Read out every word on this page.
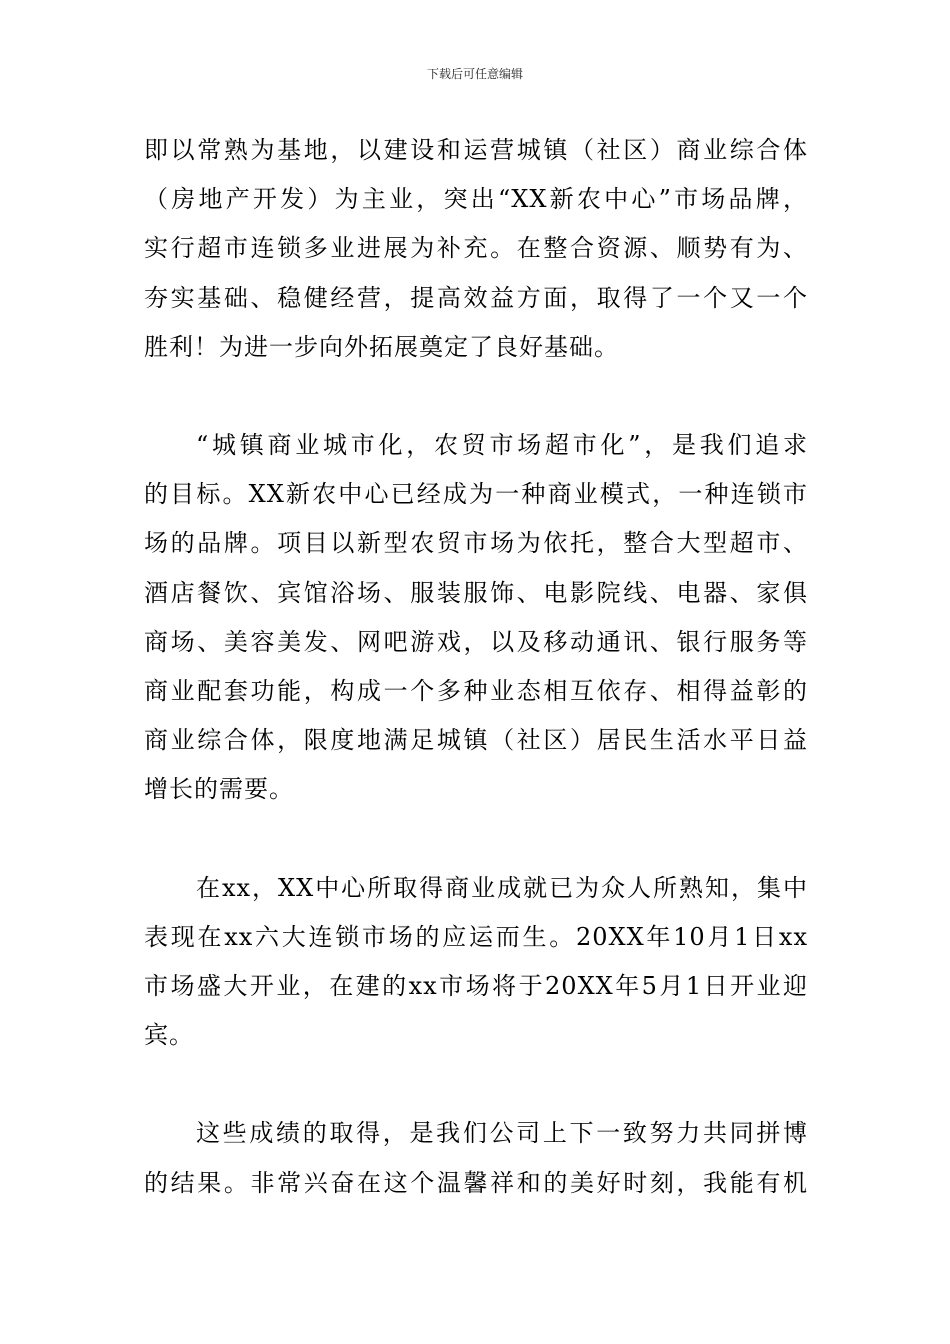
下载后可任意编辑
即以常熟为基地，以建设和运营城镇（社区）商业综合体
（房地产开发）为主业，突出“XX新农中心”市场品牌，
实行超市连锁多业进展为补充。在整合资源、顺势有为、
夯实基础、稳健经营，提高效益方面，取得了一个又一个
胜利！为进一步向外拓展奠定了良好基础。
“城镇商业城市化，农贸市场超市化”，是我们追求
的目标。XX新农中心已经成为一种商业模式，一种连锁市
场的品牌。项目以新型农贸市场为依托，整合大型超市、
酒店餐饮、宾馆浴场、服装服饰、电影院线、电器、家俱
商场、美容美发、网吧游戏，以及移动通讯、银行服务等
商业配套功能，构成一个多种业态相互依存、相得益彰的
商业综合体，限度地满足城镇（社区）居民生活水平日益
增长的需要。
在xx，XX中心所取得商业成就已为众人所熟知，集中
表现在xx六大连锁市场的应运而生。20XX年10月1日xx
市场盛大开业，在建的xx市场将于20XX年5月1日开业迎
宾。
这些成绩的取得，是我们公司上下一致努力共同拼博
的结果。非常兴奋在这个温馨祥和的美好时刻，我能有机
